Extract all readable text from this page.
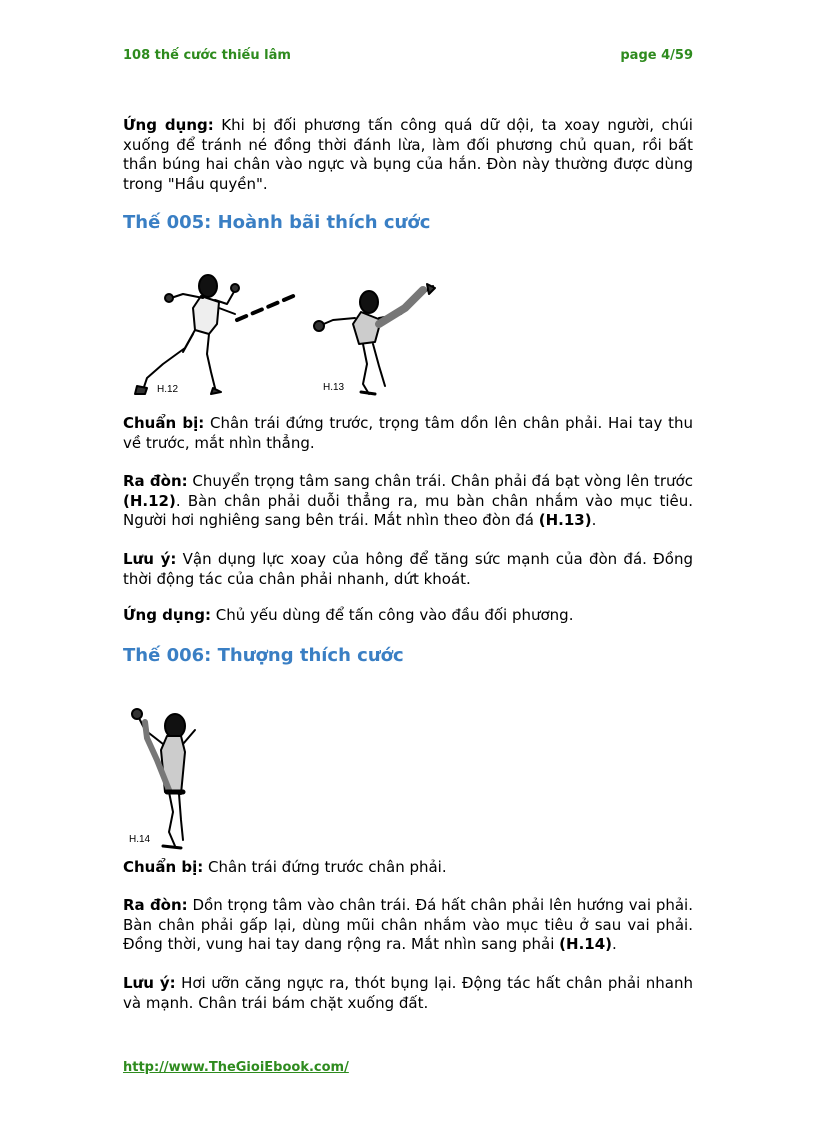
108 thế cước thiếu lâm	page 4/59
Ứng dụng: Khi bị đối phương tấn công quá dữ dội, ta xoay người, chúi xuống để tránh né đồng thời đánh lừa, làm đối phương chủ quan, rồi bất thần búng hai chân vào ngực và bụng của hắn. Đòn này thường được dùng trong "Hầu quyền".
Thế 005: Hoành bãi thích cước
H.12	H.13
Chuẩn bị: Chân trái đứng trước, trọng tâm dồn lên chân phải. Hai tay thu về trước, mắt nhìn thẳng.
Ra đòn: Chuyển trọng tâm sang chân trái. Chân phải đá bạt vòng lên trước (H.12). Bàn chân phải duỗi thẳng ra, mu bàn chân nhắm vào mục tiêu. Người hơi nghiêng sang bên trái. Mắt nhìn theo đòn đá (H.13).
Lưu ý: Vận dụng lực xoay của hông để tăng sức mạnh của đòn đá. Đồng thời động tác của chân phải nhanh, dứt khoát.
Ứng dụng: Chủ yếu dùng để tấn công vào đầu đối phương.
Thế 006: Thượng thích cước
H.14
Chuẩn bị: Chân trái đứng trước chân phải.
Ra đòn: Dồn trọng tâm vào chân trái. Đá hất chân phải lên hướng vai phải. Bàn chân phải gấp lại, dùng mũi chân nhắm vào mục tiêu ở sau vai phải. Đồng thời, vung hai tay dang rộng ra. Mắt nhìn sang phải (H.14).
Lưu ý: Hơi ưỡn căng ngực ra, thót bụng lại. Động tác hất chân phải nhanh và mạnh. Chân trái bám chặt xuống đất.
http://www.TheGioiEbook.com/
